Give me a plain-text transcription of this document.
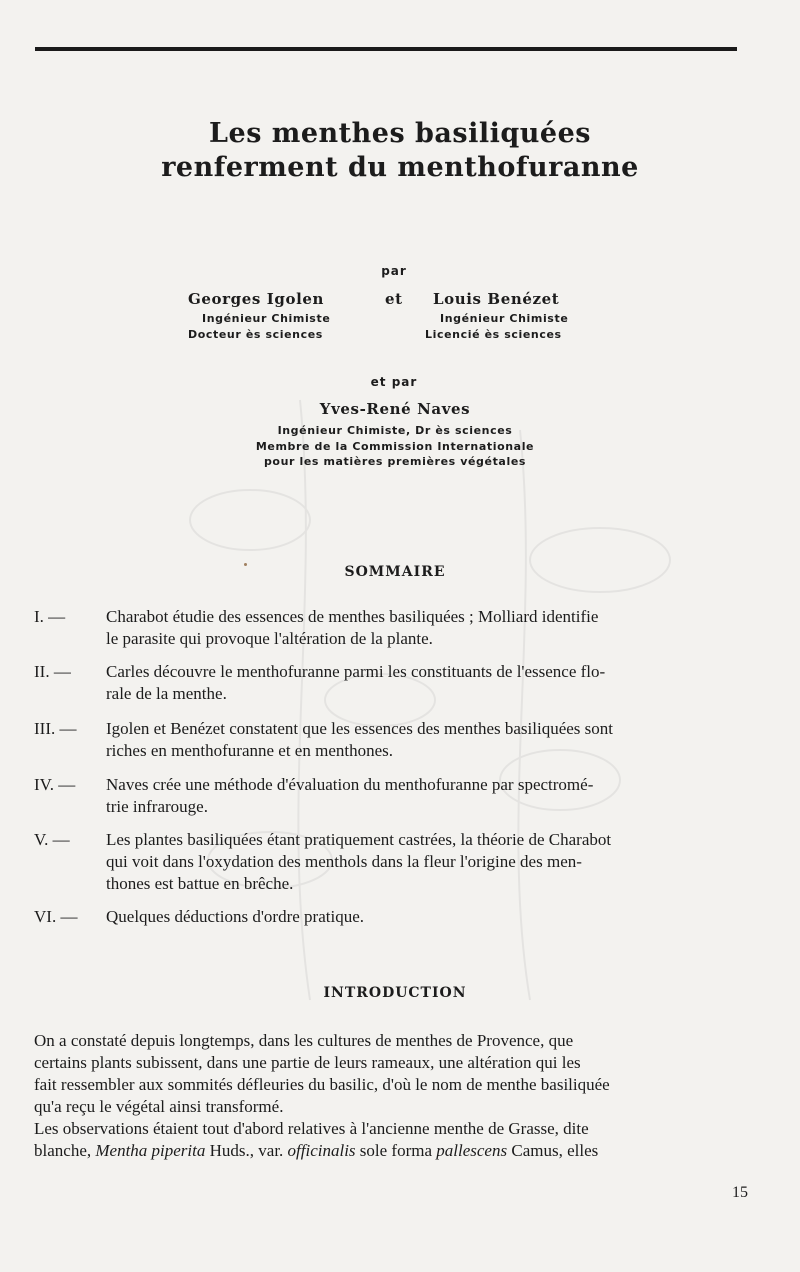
Les menthes basiliquées
renferment du menthofuranne
par
Georges Igolen	et Louis Benézet
Ingénieur Chimiste
Docteur ès sciences
Ingénieur Chimiste
Licencié ès sciences
et par
Yves-René Naves
Ingénieur Chimiste, Dr ès sciences
Membre de la Commission Internationale
pour les matières premières végétales
SOMMAIRE
I. —	Charabot étudie des essences de menthes basiliquées ; Molliard identifie
le parasite qui provoque l'altération de la plante.
II. —	Carles découvre le menthofuranne parmi les constituants de l'essence flo-
rale de la menthe.
III. —	Igolen et Benézet constatent que les essences des menthes basiliquées sont
riches en menthofuranne et en menthones.
IV. —	Naves crée une méthode d'évaluation du menthofuranne par spectromé-
trie infrarouge.
V. —	Les plantes basiliquées étant pratiquement castrées, la théorie de Charabot
qui voit dans l'oxydation des menthols dans la fleur l'origine des men-
thones est battue en brêche.
VI. —	Quelques déductions d'ordre pratique.
INTRODUCTION
On a constaté depuis longtemps, dans les cultures de menthes de Provence, que
certains plants subissent, dans une partie de leurs rameaux, une altération qui les
fait ressembler aux sommités défleuries du basilic, d'où le nom de menthe basiliquée
qu'a reçu le végétal ainsi transformé.
Les observations étaient tout d'abord relatives à l'ancienne menthe de Grasse, dite
blanche, Mentha piperita Huds., var. officinalis sole forma pallescens Camus, elles
15
